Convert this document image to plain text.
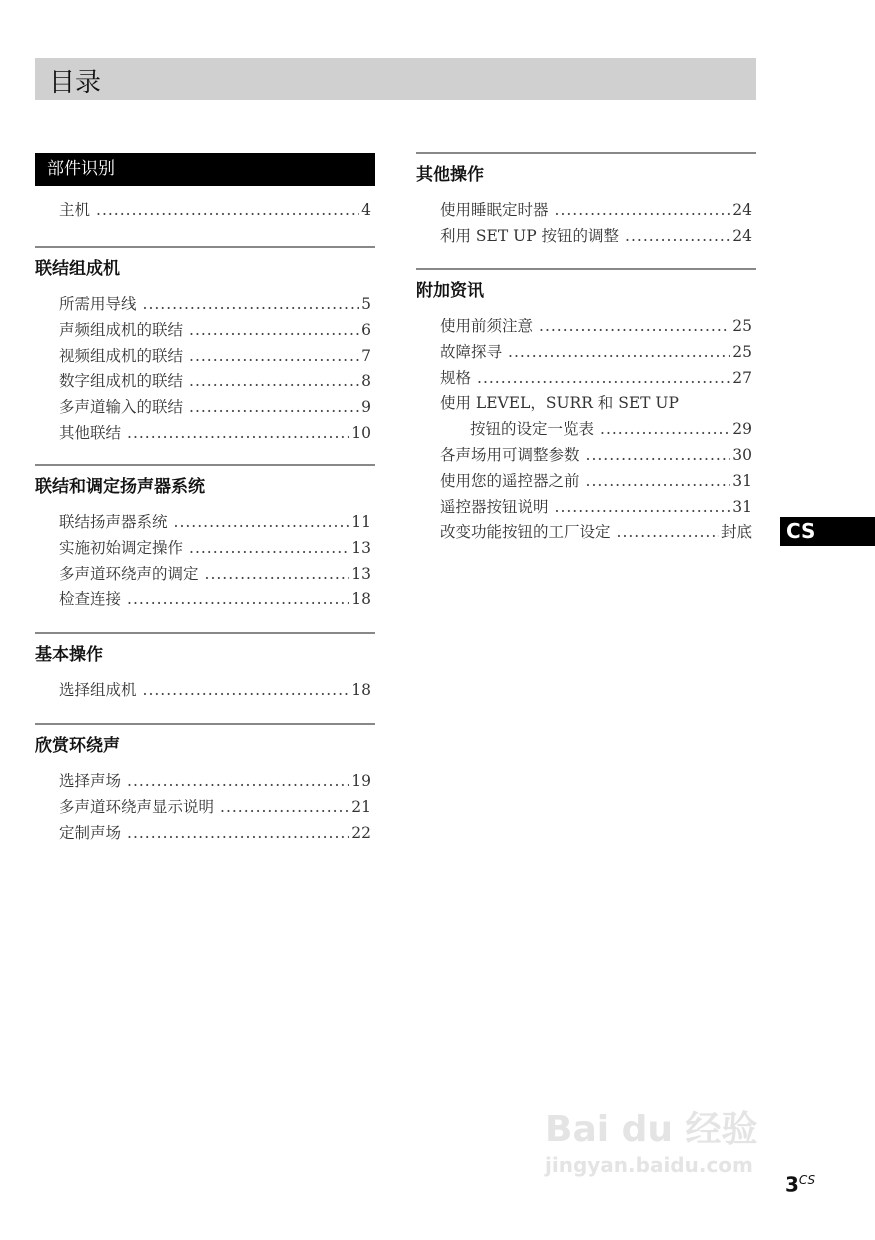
目录
部件识别
主机 .....	4
联结组成机
所需用导线 .....	5
声频组成机的联结 .....	6
视频组成机的联结 .....	7
数字组成机的联结 .....	8
多声道输入的联结 .....	9
其他联结 .....	10
联结和调定扬声器系统
联结扬声器系统 .....	11
实施初始调定操作 .....	13
多声道环绕声的调定 .....	13
检查连接 .....	18
基本操作
选择组成机 .....	18
欣赏环绕声
选择声场 .....	19
多声道环绕声显示说明 .....	21
定制声场 .....	22
其他操作
使用睡眠定时器 .....	24
利用 SET UP 按钮的调整 .....	24
附加资讯
使用前须注意 .....	25
故障探寻 .....	25
规格 .....	27
使用 LEVEL，SURR 和 SET UP
按钮的设定一览表 .....	29
各声场用可调整参数 .....	30
使用您的遥控器之前 .....	31
遥控器按钮说明 .....	31
改变功能按钮的工厂设定 .....	封底	CS
Bai du 经验
jingyan.baidu.com
$3^{CS}$
